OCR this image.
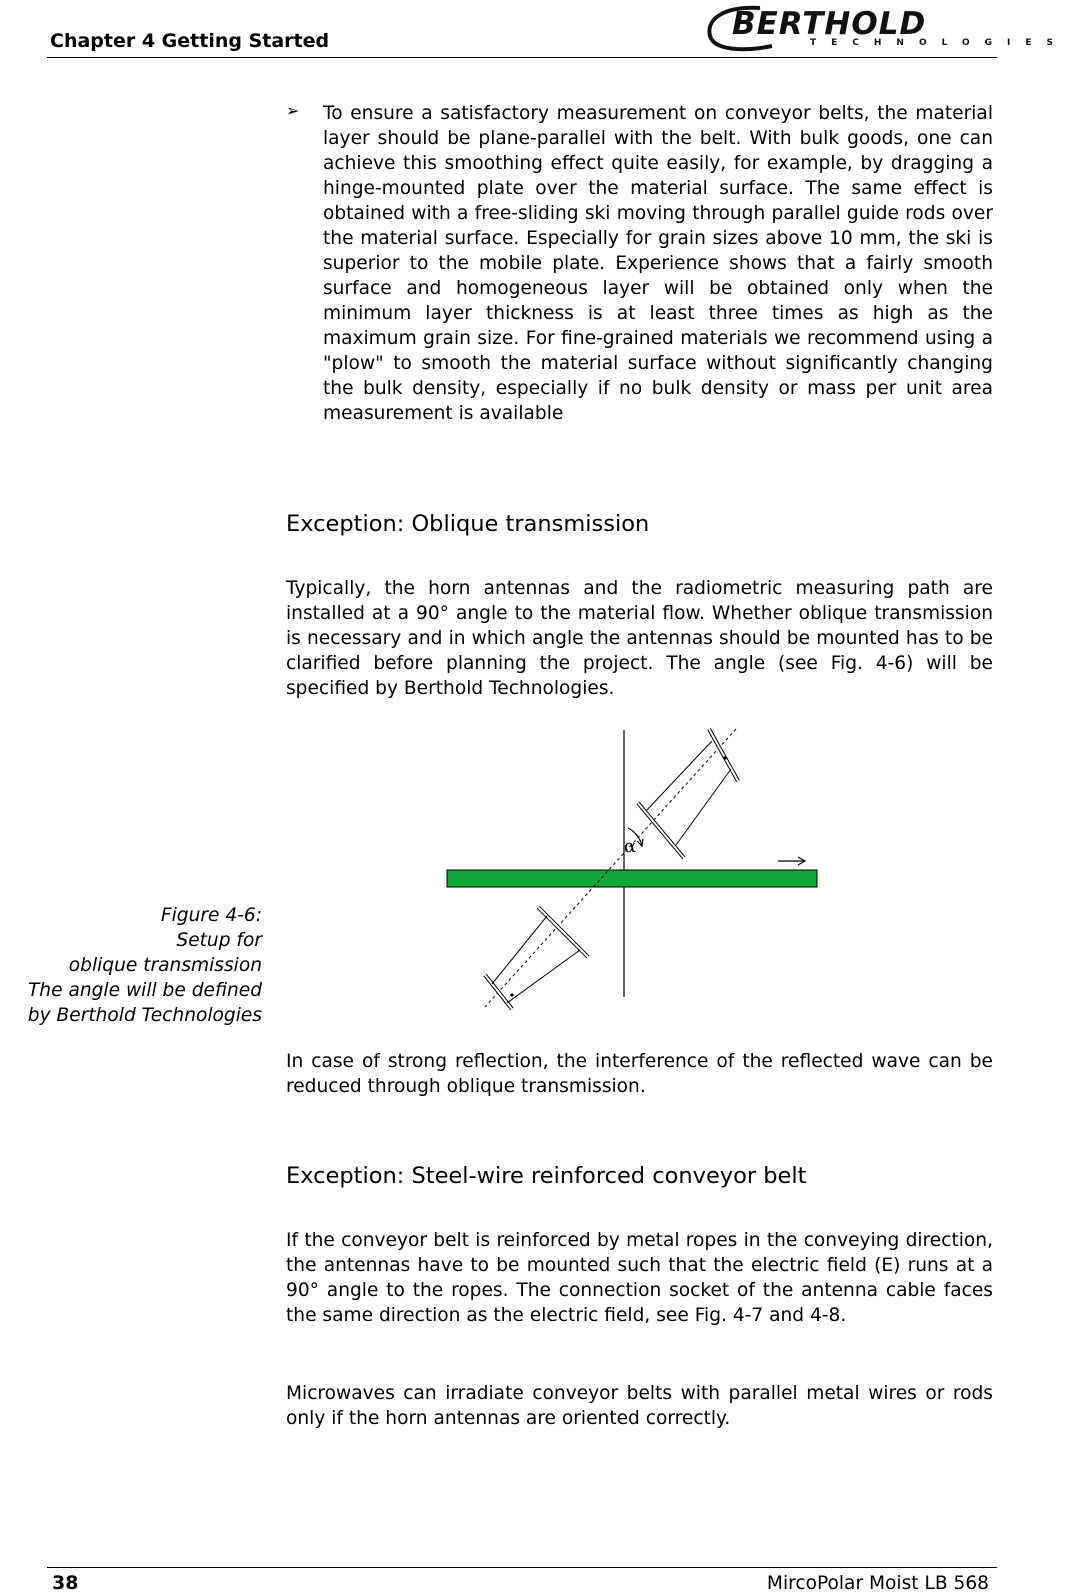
Chapter 4 Getting Started	BERTHOLD
TECHNOLOGIES
➢ To ensure a satisfactory measurement on conveyor belts, the material layer should be plane-parallel with the belt. With bulk goods, one can achieve this smoothing effect quite easily, for example, by dragging a hinge-mounted plate over the material surface. The same effect is obtained with a free-sliding ski moving through parallel guide rods over the material surface. Especially for grain sizes above 10 mm, the ski is superior to the mobile plate. Experience shows that a fairly smooth surface and homogeneous layer will be obtained only when the minimum layer thickness is at least three times as high as the maximum grain size. For fine-grained materials we recommend using a "plow" to smooth the material surface without significantly changing the bulk density, especially if no bulk density or mass per unit area measurement is available
Exception: Oblique transmission

Typically, the horn antennas and the radiometric measuring path are installed at a 90° angle to the material flow. Whether oblique transmission is necessary and in which angle the antennas should be mounted has to be clarified before planning the project. The angle (see Fig. 4-6) will be specified by Berthold Technologies.

Figure 4-6:
Setup for
oblique transmission
The angle will be defined
by Berthold Technologies
α

In case of strong reflection, the interference of the reflected wave can be reduced through oblique transmission.

Exception: Steel-wire reinforced conveyor belt

If the conveyor belt is reinforced by metal ropes in the conveying direction, the antennas have to be mounted such that the electric field (E) runs at a 90° angle to the ropes. The connection socket of the antenna cable faces the same direction as the electric field, see Fig. 4-7 and 4-8.

Microwaves can irradiate conveyor belts with parallel metal wires or rods only if the horn antennas are oriented correctly.

38	MircoPolar Moist LB 568
